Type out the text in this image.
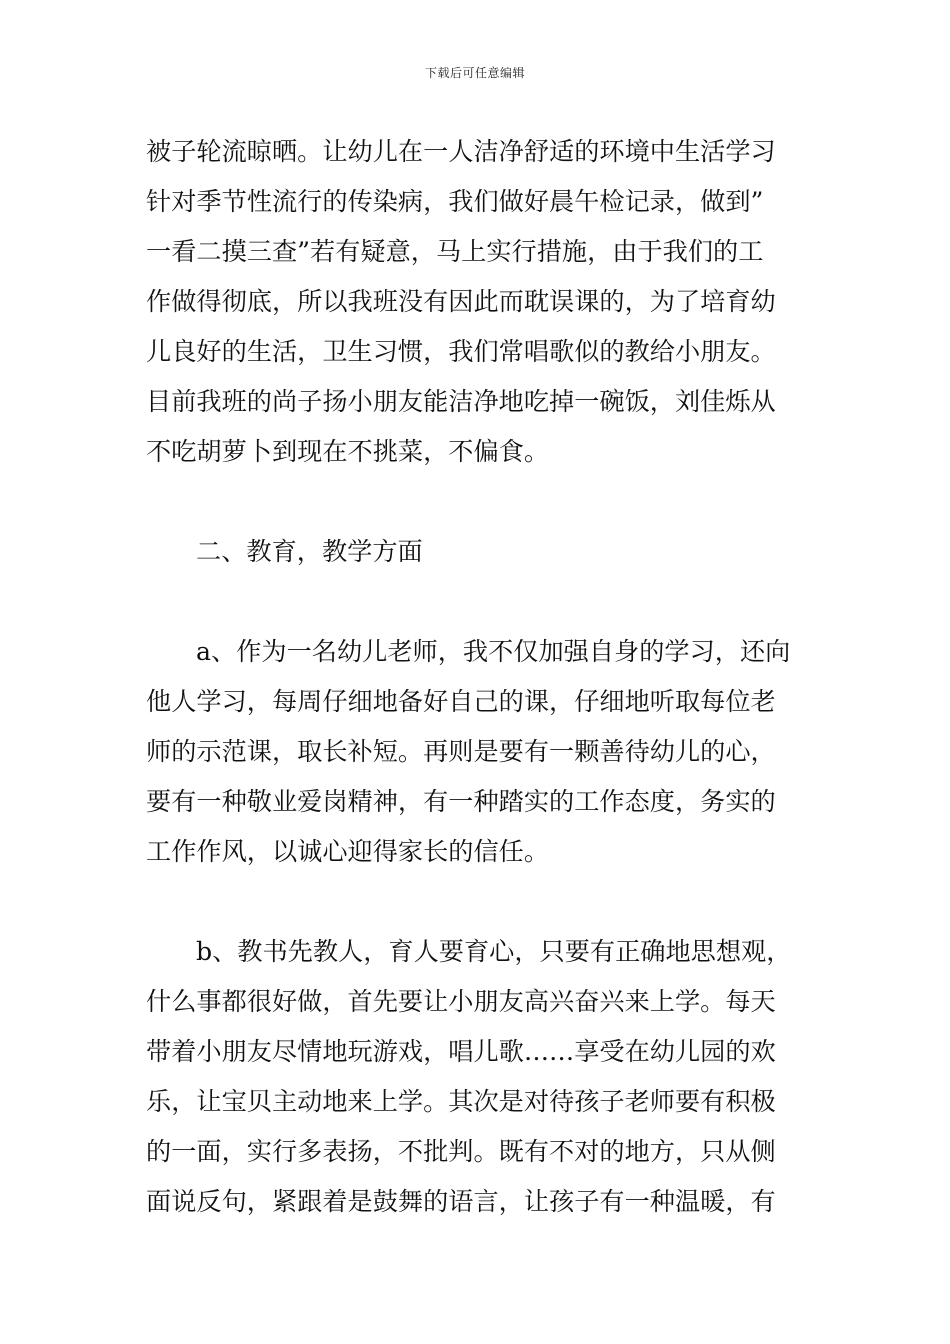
下载后可任意编辑
被子轮流晾晒。让幼儿在一人洁净舒适的环境中生活学习
针对季节性流行的传染病，我们做好晨午检记录，做到”
一看二摸三查”若有疑意，马上实行措施，由于我们的工
作做得彻底，所以我班没有因此而耽误课的，为了培育幼
儿良好的生活，卫生习惯，我们常唱歌似的教给小朋友。
目前我班的尚子扬小朋友能洁净地吃掉一碗饭，刘佳烁从
不吃胡萝卜到现在不挑菜，不偏食。
二、教育，教学方面
a、作为一名幼儿老师，我不仅加强自身的学习，还向
他人学习，每周仔细地备好自己的课，仔细地听取每位老
师的示范课，取长补短。再则是要有一颗善待幼儿的心，
要有一种敬业爱岗精神，有一种踏实的工作态度，务实的
工作作风，以诚心迎得家长的信任。
b、教书先教人，育人要育心，只要有正确地思想观，
什么事都很好做，首先要让小朋友高兴奋兴来上学。每天
带着小朋友尽情地玩游戏，唱儿歌……享受在幼儿园的欢
乐，让宝贝主动地来上学。其次是对待孩子老师要有积极
的一面，实行多表扬，不批判。既有不对的地方，只从侧
面说反句，紧跟着是鼓舞的语言，让孩子有一种温暖，有
